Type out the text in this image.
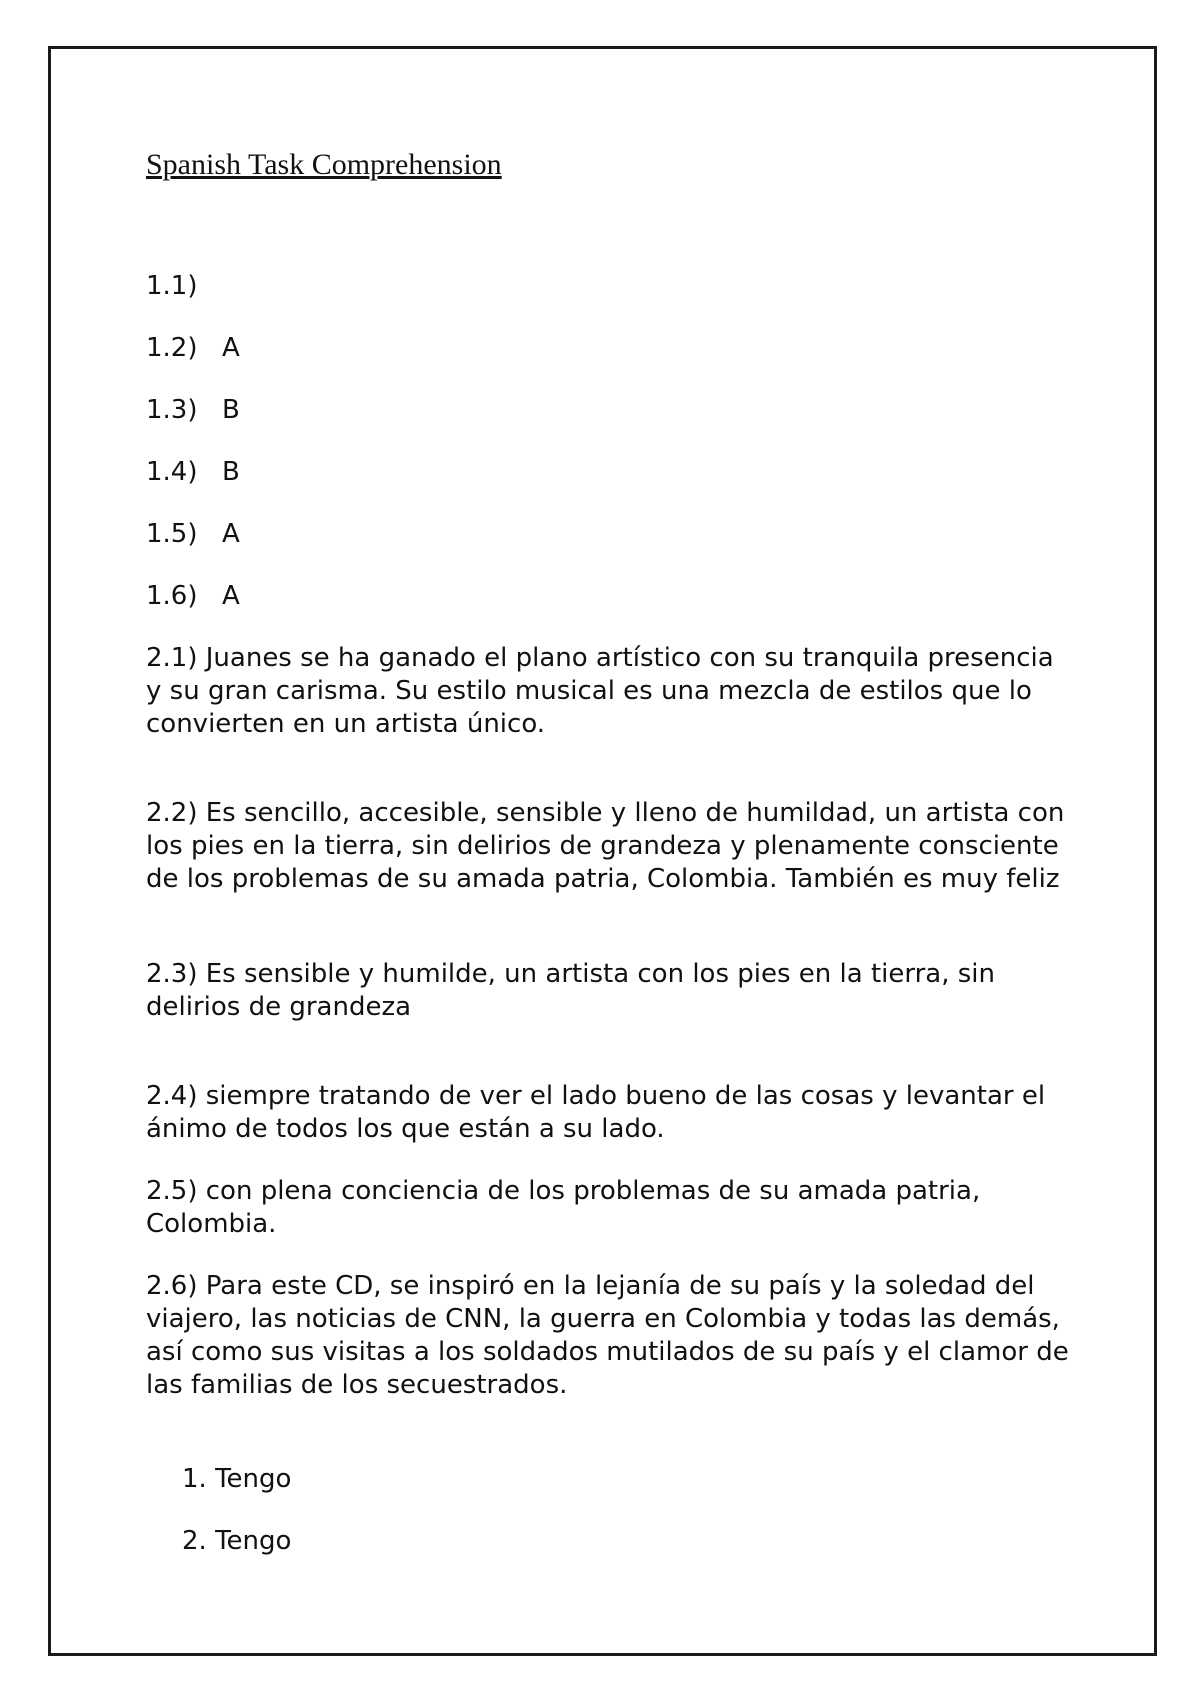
Spanish Task Comprehension
1.1)
1.2) A
1.3) B
1.4) B
1.5) A
1.6) A
2.1) Juanes se ha ganado el plano artístico con su tranquila presencia y su gran carisma. Su estilo musical es una mezcla de estilos que lo convierten en un artista único.
2.2) Es sencillo, accesible, sensible y lleno de humildad, un artista con los pies en la tierra, sin delirios de grandeza y plenamente consciente de los problemas de su amada patria, Colombia. También es muy feliz
2.3) Es sensible y humilde, un artista con los pies en la tierra, sin delirios de grandeza
2.4) siempre tratando de ver el lado bueno de las cosas y levantar el ánimo de todos los que están a su lado.
2.5) con plena conciencia de los problemas de su amada patria, Colombia.
2.6) Para este CD, se inspiró en la lejanía de su país y la soledad del viajero, las noticias de CNN, la guerra en Colombia y todas las demás, así como sus visitas a los soldados mutilados de su país y el clamor de las familias de los secuestrados.
1. Tengo
2. Tengo
